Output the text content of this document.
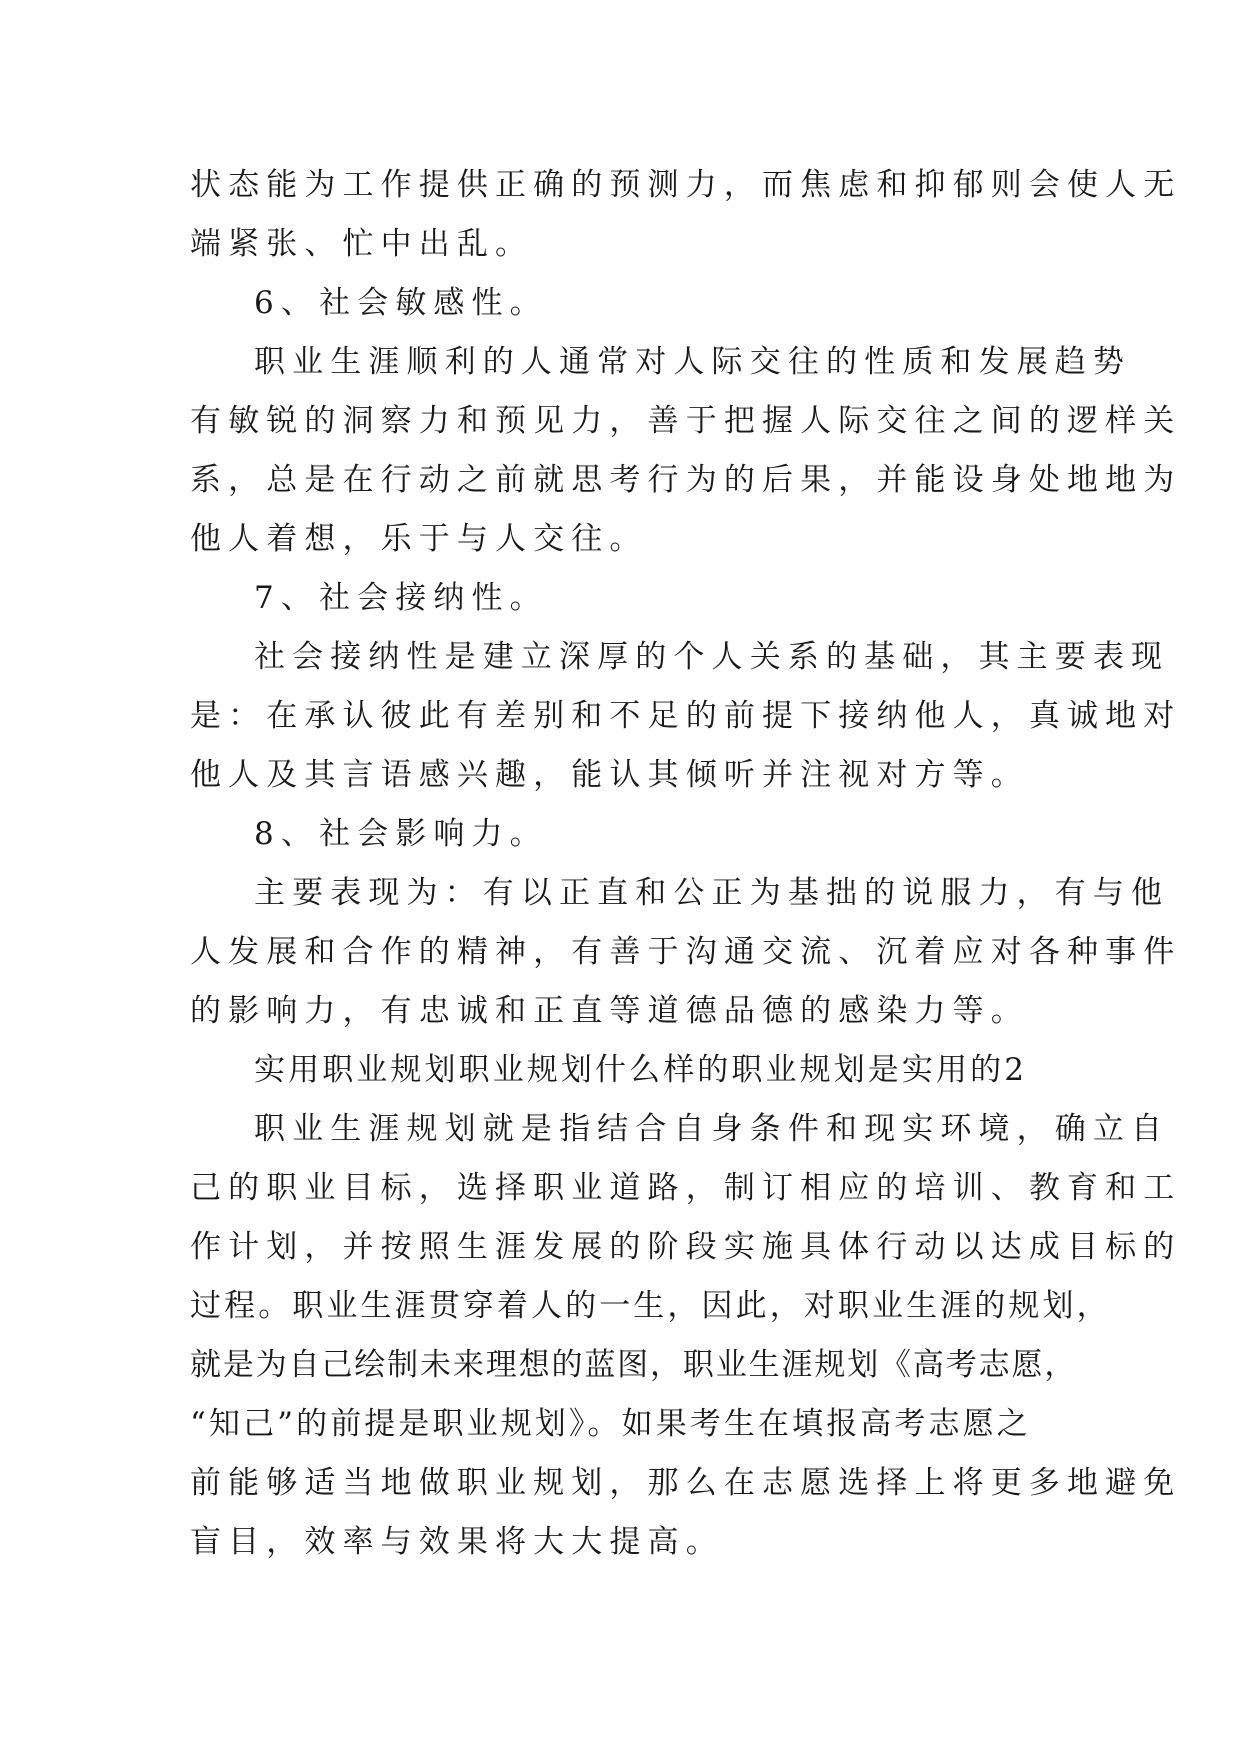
状态能为工作提供正确的预测力，而焦虑和抑郁则会使人无

端紧张、忙中出乱。

6、社会敏感性。

职业生涯顺利的人通常对人际交往的性质和发展趋势

有敏锐的洞察力和预见力，善于把握人际交往之间的逻样关

系，总是在行动之前就思考行为的后果，并能设身处地地为

他人着想，乐于与人交往。

7、社会接纳性。

社会接纳性是建立深厚的个人关系的基础，其主要表现

是：在承认彼此有差别和不足的前提下接纳他人，真诚地对

他人及其言语感兴趣，能认其倾听并注视对方等。

8、社会影响力。

主要表现为：有以正直和公正为基拙的说服力，有与他

人发展和合作的精神，有善于沟通交流、沉着应对各种事件

的影响力，有忠诚和正直等道德品德的感染力等。

实用职业规划职业规划什么样的职业规划是实用的2

职业生涯规划就是指结合自身条件和现实环境，确立自

己的职业目标，选择职业道路，制订相应的培训、教育和工

作计划，并按照生涯发展的阶段实施具体行动以达成目标的

过程。职业生涯贯穿着人的一生，因此，对职业生涯的规划，

就是为自己绘制未来理想的蓝图，职业生涯规划《高考志愿，

“知己”的前提是职业规划》。如果考生在填报高考志愿之

前能够适当地做职业规划，那么在志愿选择上将更多地避免

盲目，效率与效果将大大提高。
